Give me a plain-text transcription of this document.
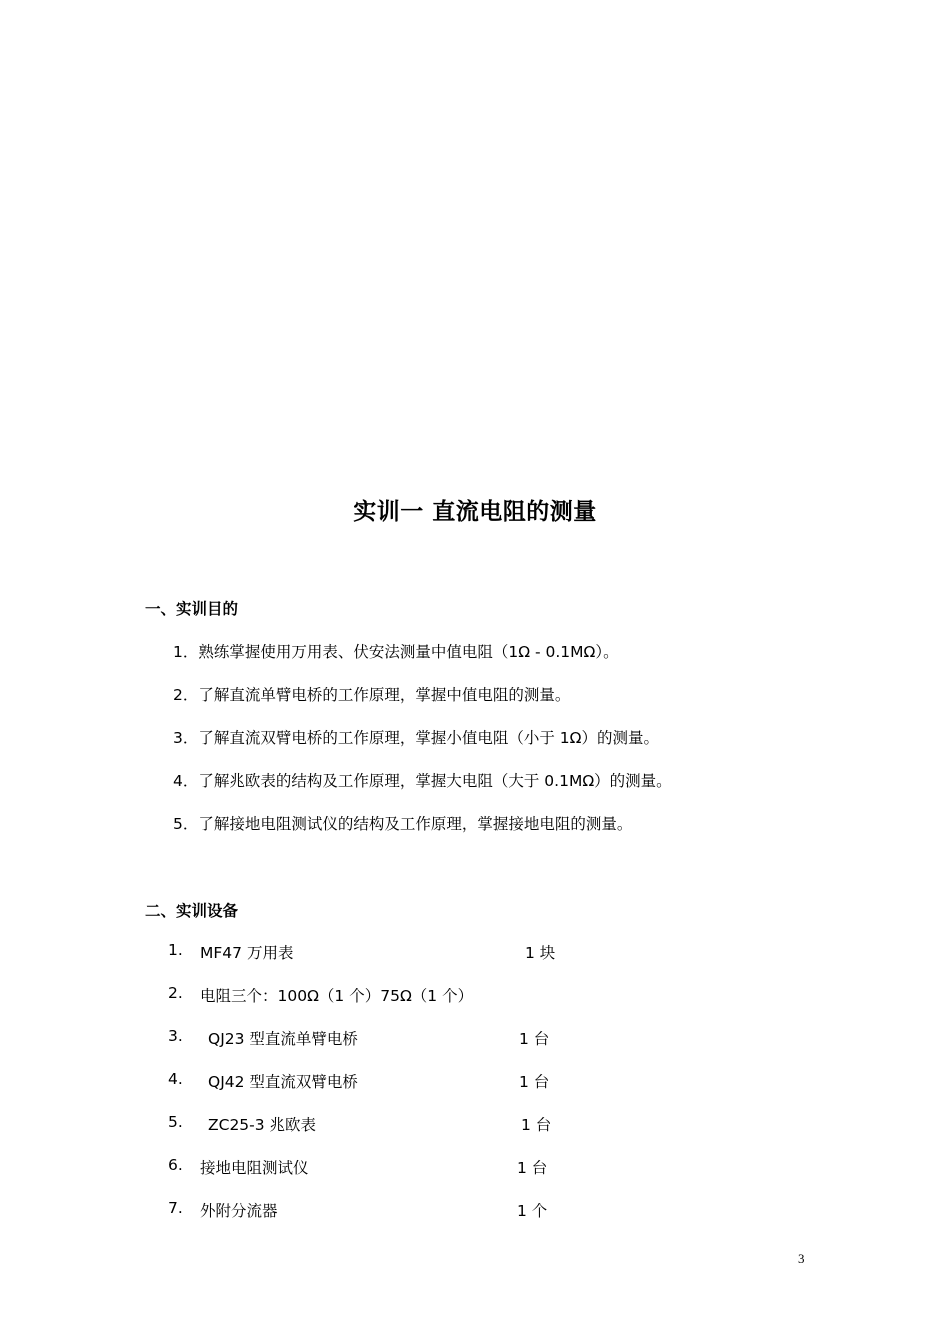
实训一 直流电阻的测量
一、实训目的
1．熟练掌握使用万用表、伏安法测量中值电阻（1Ω - 0.1MΩ）。
2．了解直流单臂电桥的工作原理，掌握中值电阻的测量。
3．了解直流双臂电桥的工作原理，掌握小值电阻（小于 1Ω）的测量。
4．了解兆欧表的结构及工作原理，掌握大电阻（大于 0.1MΩ）的测量。
5．了解接地电阻测试仪的结构及工作原理，掌握接地电阻的测量。
二、实训设备
1. MF47 万用表	1 块
2. 电阻三个：100Ω（1 个）75Ω（1 个）
3. QJ23 型直流单臂电桥	1 台
4. QJ42 型直流双臂电桥	1 台
5. ZC25-3 兆欧表	1 台
6. 接地电阻测试仪	1 台
7. 外附分流器	1 个
3
